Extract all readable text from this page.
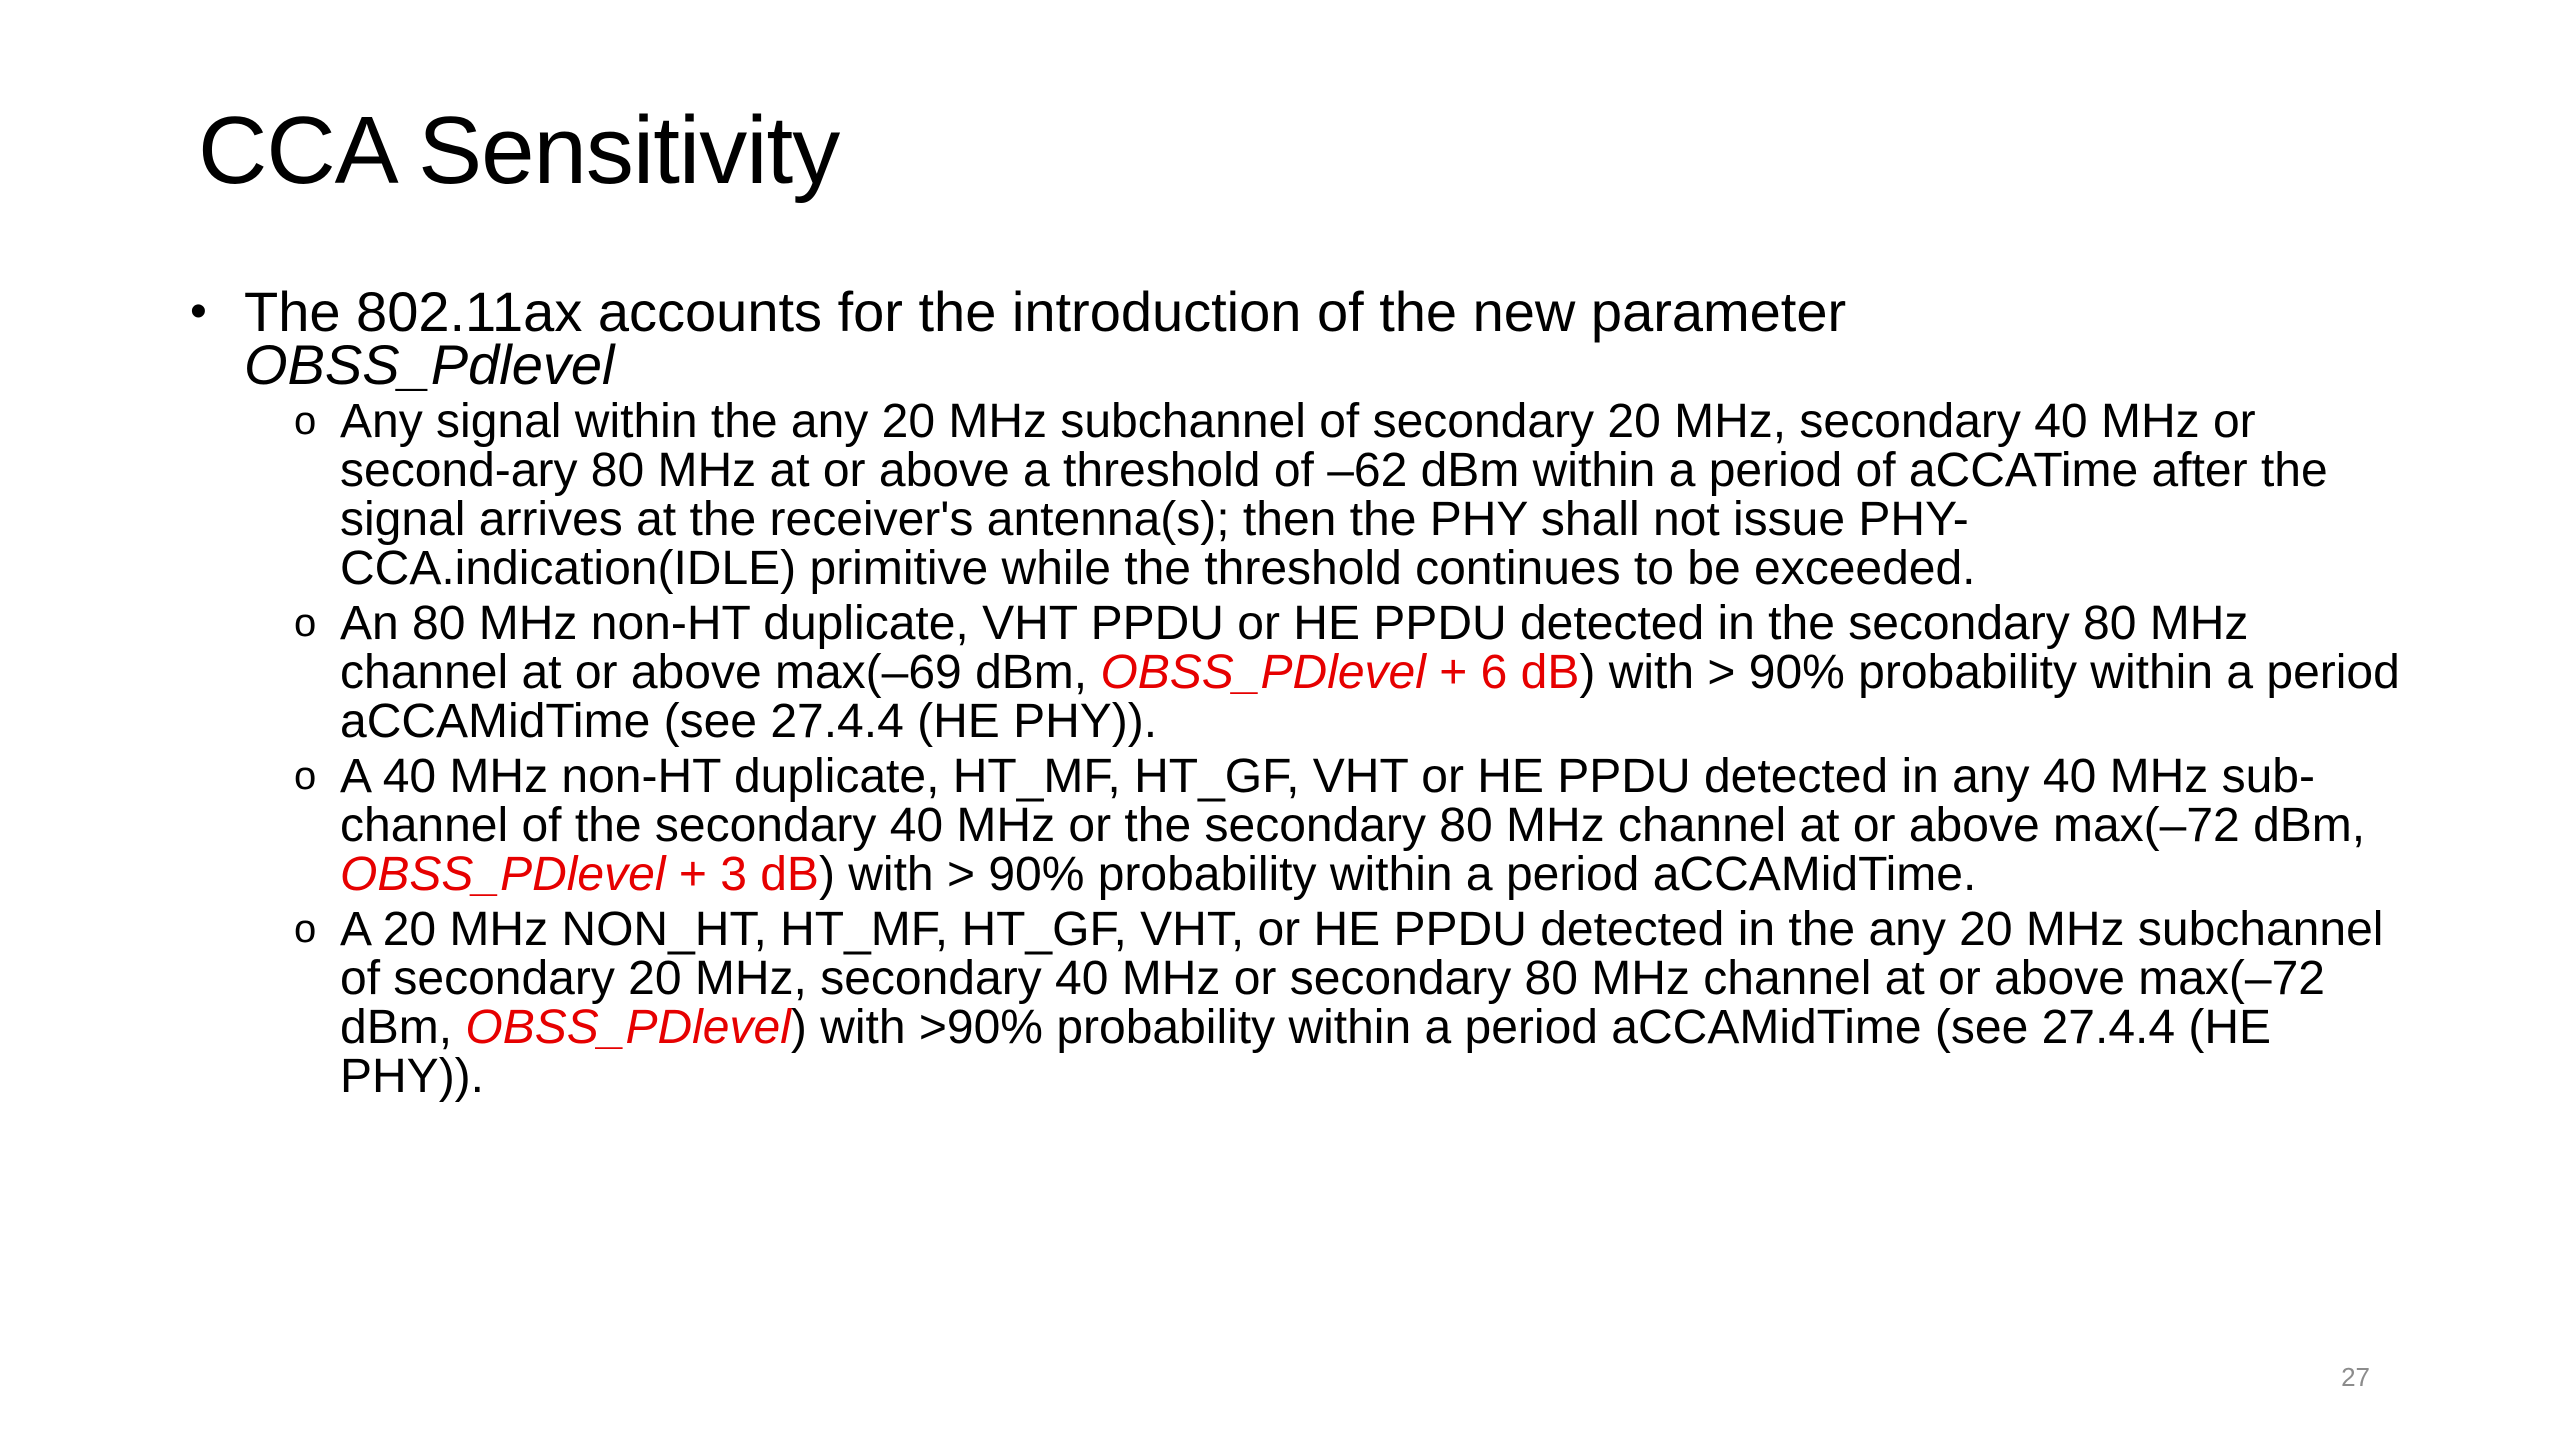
CCA Sensitivity
• The 802.11ax accounts for the introduction of the new parameter
OBSS_Pdlevel
o Any signal within the any 20 MHz subchannel of secondary 20 MHz, secondary 40 MHz or second-ary 80 MHz at or above a threshold of –62 dBm within a period of aCCATime after the signal arrives at the receiver's antenna(s); then the PHY shall not issue PHY-CCA.indication(IDLE) primitive while the threshold continues to be exceeded.
o An 80 MHz non-HT duplicate, VHT PPDU or HE PPDU detected in the secondary 80 MHz channel at or above max(–69 dBm, OBSS_PDlevel + 6 dB) with > 90% probability within a period aCCAMidTime (see 27.4.4 (HE PHY)).
o A 40 MHz non-HT duplicate, HT_MF, HT_GF, VHT or HE PPDU detected in any 40 MHz sub-channel of the secondary 40 MHz or the secondary 80 MHz channel at or above max(–72 dBm, OBSS_PDlevel + 3 dB) with > 90% probability within a period aCCAMidTime.
o A 20 MHz NON_HT, HT_MF, HT_GF, VHT, or HE PPDU detected in the any 20 MHz subchannel of secondary 20 MHz, secondary 40 MHz or secondary 80 MHz channel at or above max(–72 dBm, OBSS_PDlevel) with >90% probability within a period aCCAMidTime (see 27.4.4 (HE PHY)).
27
